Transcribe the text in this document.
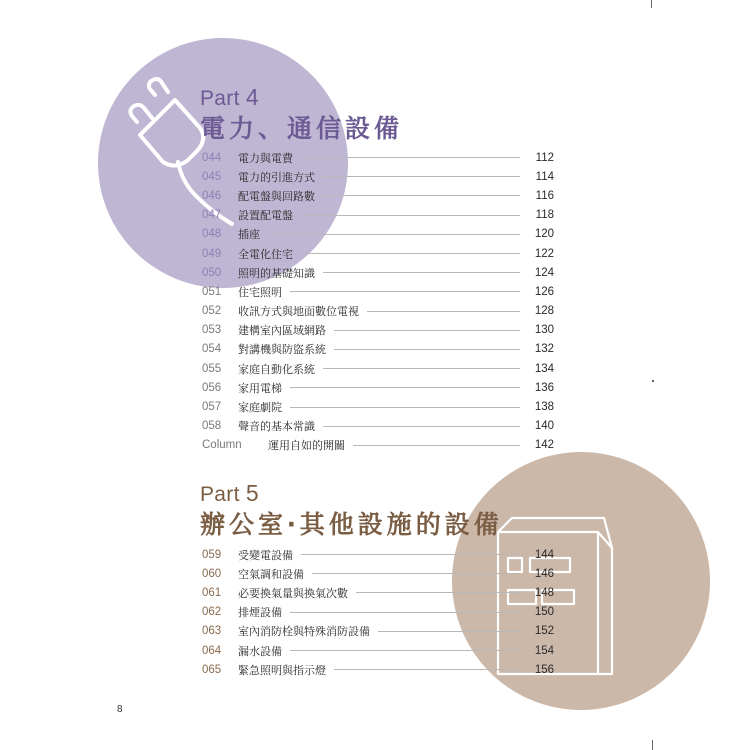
Part 4
電力、通信設備
044	電力與電費	112
045	電力的引進方式	114
046	配電盤與回路數	116
047	設置配電盤	118
048	插座	120
049	全電化住宅	122
050	照明的基礎知識	124
051	住宅照明	126
052	收訊方式與地面數位電視	128
053	建構室內區域網路	130
054	對講機與防盜系統	132
055	家庭自動化系統	134
056	家用電梯	136
057	家庭劇院	138
058	聲音的基本常識	140
Column	運用自如的開關	142
Part 5
辦公室‧其他設施的設備
059	受變電設備	144
060	空氣調和設備	146
061	必要換氣量與換氣次數	148
062	排煙設備	150
063	室內消防栓與特殊消防設備	152
064	漏水設備	154
065	緊急照明與指示燈	156
8
